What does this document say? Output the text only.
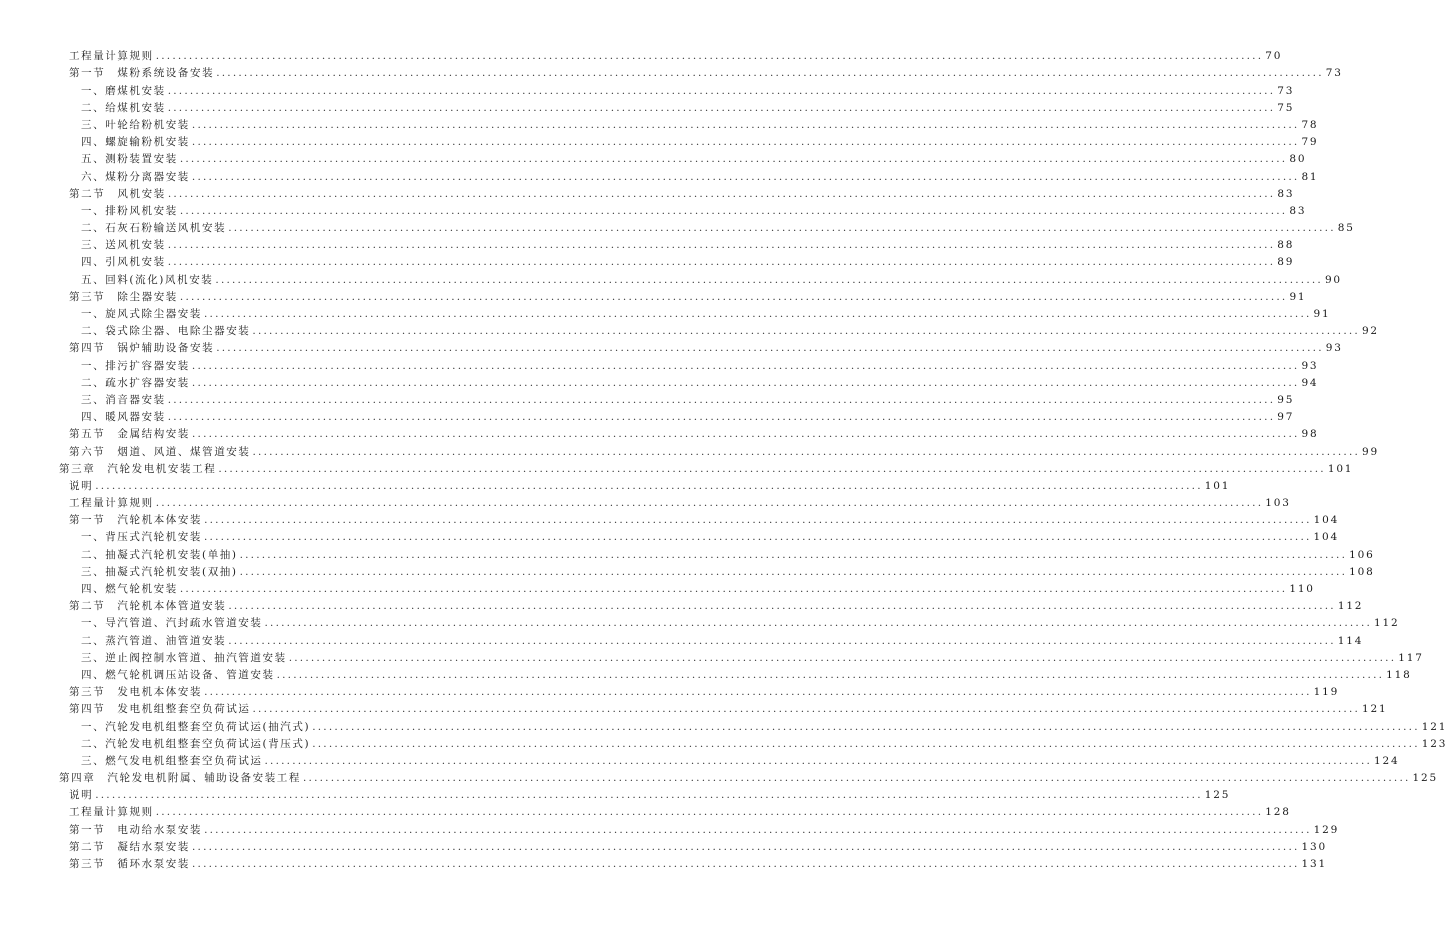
工程量计算规则 ........................................................................................................................................................................................................ 70
第一节　煤粉系统设备安装 ........................................................................................................................................................................................................ 73
一、磨煤机安装 ........................................................................................................................................................................................................ 73
二、给煤机安装 ........................................................................................................................................................................................................ 75
三、叶轮给粉机安装 ........................................................................................................................................................................................................ 78
四、螺旋输粉机安装 ........................................................................................................................................................................................................ 79
五、测粉装置安装 ........................................................................................................................................................................................................ 80
六、煤粉分离器安装 ........................................................................................................................................................................................................ 81
第二节　风机安装 ........................................................................................................................................................................................................ 83
一、排粉风机安装 ........................................................................................................................................................................................................ 83
二、石灰石粉输送风机安装 ........................................................................................................................................................................................................ 85
三、送风机安装 ........................................................................................................................................................................................................ 88
四、引风机安装 ........................................................................................................................................................................................................ 89
五、回料(流化)风机安装 ........................................................................................................................................................................................................ 90
第三节　除尘器安装 ........................................................................................................................................................................................................ 91
一、旋风式除尘器安装 ........................................................................................................................................................................................................ 91
二、袋式除尘器、电除尘器安装 ........................................................................................................................................................................................................ 92
第四节　锅炉辅助设备安装 ........................................................................................................................................................................................................ 93
一、排污扩容器安装 ........................................................................................................................................................................................................ 93
二、疏水扩容器安装 ........................................................................................................................................................................................................ 94
三、消音器安装 ........................................................................................................................................................................................................ 95
四、暖风器安装 ........................................................................................................................................................................................................ 97
第五节　金属结构安装 ........................................................................................................................................................................................................ 98
第六节　烟道、风道、煤管道安装 ........................................................................................................................................................................................................ 99
第三章　汽轮发电机安装工程 ........................................................................................................................................................................................................ 101
说明 ........................................................................................................................................................................................................ 101
工程量计算规则 ........................................................................................................................................................................................................ 103
第一节　汽轮机本体安装 ........................................................................................................................................................................................................ 104
一、背压式汽轮机安装 ........................................................................................................................................................................................................ 104
二、抽凝式汽轮机安装(单抽) ........................................................................................................................................................................................................ 106
三、抽凝式汽轮机安装(双抽) ........................................................................................................................................................................................................ 108
四、燃气轮机安装 ........................................................................................................................................................................................................ 110
第二节　汽轮机本体管道安装 ........................................................................................................................................................................................................ 112
一、导汽管道、汽封疏水管道安装 ........................................................................................................................................................................................................ 112
二、蒸汽管道、油管道安装 ........................................................................................................................................................................................................ 114
三、逆止阀控制水管道、抽汽管道安装 ........................................................................................................................................................................................................ 117
四、燃气轮机调压站设备、管道安装 ........................................................................................................................................................................................................ 118
第三节　发电机本体安装 ........................................................................................................................................................................................................ 119
第四节　发电机组整套空负荷试运 ........................................................................................................................................................................................................ 121
一、汽轮发电机组整套空负荷试运(抽汽式) ........................................................................................................................................................................................................ 121
二、汽轮发电机组整套空负荷试运(背压式) ........................................................................................................................................................................................................ 123
三、燃气发电机组整套空负荷试运 ........................................................................................................................................................................................................ 124
第四章　汽轮发电机附属、辅助设备安装工程 ........................................................................................................................................................................................................ 125
说明 ........................................................................................................................................................................................................ 125
工程量计算规则 ........................................................................................................................................................................................................ 128
第一节　电动给水泵安装 ........................................................................................................................................................................................................ 129
第二节　凝结水泵安装 ........................................................................................................................................................................................................ 130
第三节　循环水泵安装 ........................................................................................................................................................................................................ 131
